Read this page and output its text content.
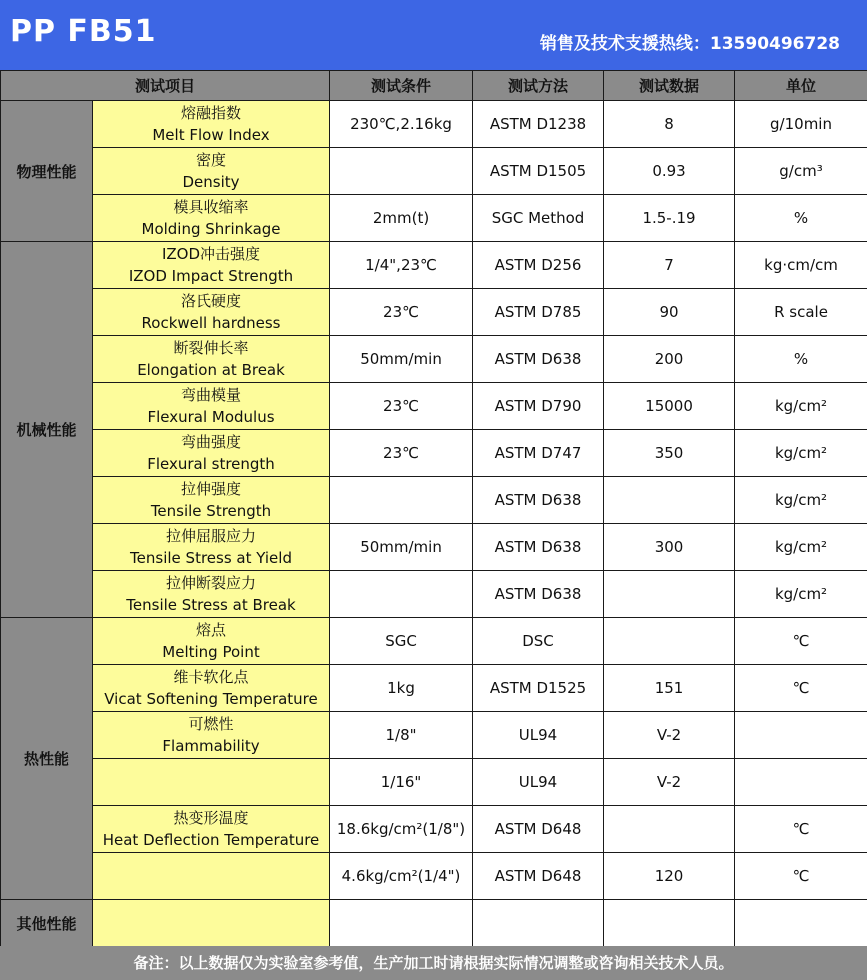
PP FB51	销售及技术支援热线：13590496728
测试项目		测试条件	测试方法	测试数据	单位
物理性能	熔融指数
Melt Flow Index	230℃,2.16kg	ASTM D1238	8	g/10min

	密度
Density		ASTM D1505	0.93	g/cm³

	模具收缩率
Molding Shrinkage	2mm(t)	SGC Method	1.5-.19	%
机械性能	IZOD冲击强度
IZOD Impact Strength	1/4",23℃	ASTM D256	7	kg·cm/cm

	洛氏硬度
Rockwell hardness	23℃	ASTM D785	90	R scale

	断裂伸长率
Elongation at Break	50mm/min	ASTM D638	200	%

	弯曲模量
Flexural Modulus	23℃	ASTM D790	15000	kg/cm²

	弯曲强度
Flexural strength	23℃	ASTM D747	350	kg/cm²

	拉伸强度
Tensile Strength		ASTM D638		kg/cm²

	拉伸屈服应力
Tensile Stress at Yield	50mm/min	ASTM D638	300	kg/cm²

	拉伸断裂应力
Tensile Stress at Break		ASTM D638		kg/cm²
热性能	熔点
Melting Point	SGC	DSC		℃

	维卡软化点
Vicat Softening Temperature	1kg	ASTM D1525	151	℃

	可燃性
Flammability	1/8"	UL94	V-2	

		1/16"	UL94	V-2	

	热变形温度
Heat Deflection Temperature	18.6kg/cm²(1/8")	ASTM D648		℃

		4.6kg/cm²(1/4")	ASTM D648	120	℃
其他性能	

备注：以上数据仅为实验室参考值，生产加工时请根据实际情况调整或咨询相关技术人员。
